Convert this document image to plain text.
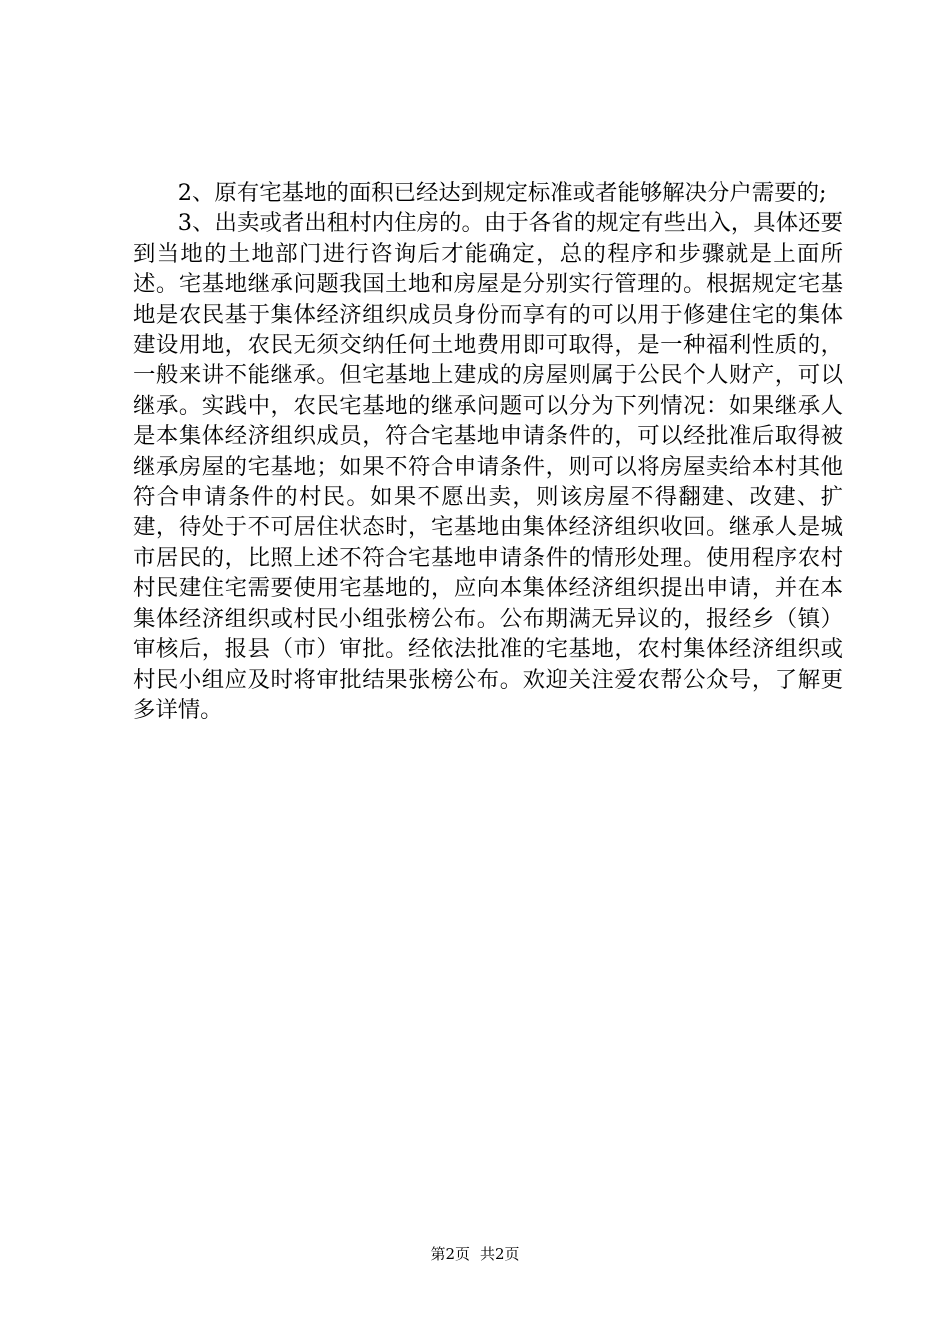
2、原有宅基地的面积已经达到规定标准或者能够解决分户需要的;

3、出卖或者出租村内住房的。由于各省的规定有些出入，具体还要到当地的土地部门进行咨询后才能确定，总的程序和步骤就是上面所述。宅基地继承问题我国土地和房屋是分别实行管理的。根据规定宅基地是农民基于集体经济组织成员身份而享有的可以用于修建住宅的集体建设用地，农民无须交纳任何土地费用即可取得，是一种福利性质的，一般来讲不能继承。但宅基地上建成的房屋则属于公民个人财产，可以继承。实践中，农民宅基地的继承问题可以分为下列情况：如果继承人是本集体经济组织成员，符合宅基地申请条件的，可以经批准后取得被继承房屋的宅基地；如果不符合申请条件，则可以将房屋卖给本村其他符合申请条件的村民。如果不愿出卖，则该房屋不得翻建、改建、扩建，待处于不可居住状态时，宅基地由集体经济组织收回。继承人是城市居民的，比照上述不符合宅基地申请条件的情形处理。使用程序农村村民建住宅需要使用宅基地的，应向本集体经济组织提出申请，并在本集体经济组织或村民小组张榜公布。公布期满无异议的，报经乡（镇）审核后，报县（市）审批。经依法批准的宅基地，农村集体经济组织或村民小组应及时将审批结果张榜公布。欢迎关注爱农帮公众号，了解更多详情。

第2页 共2页
